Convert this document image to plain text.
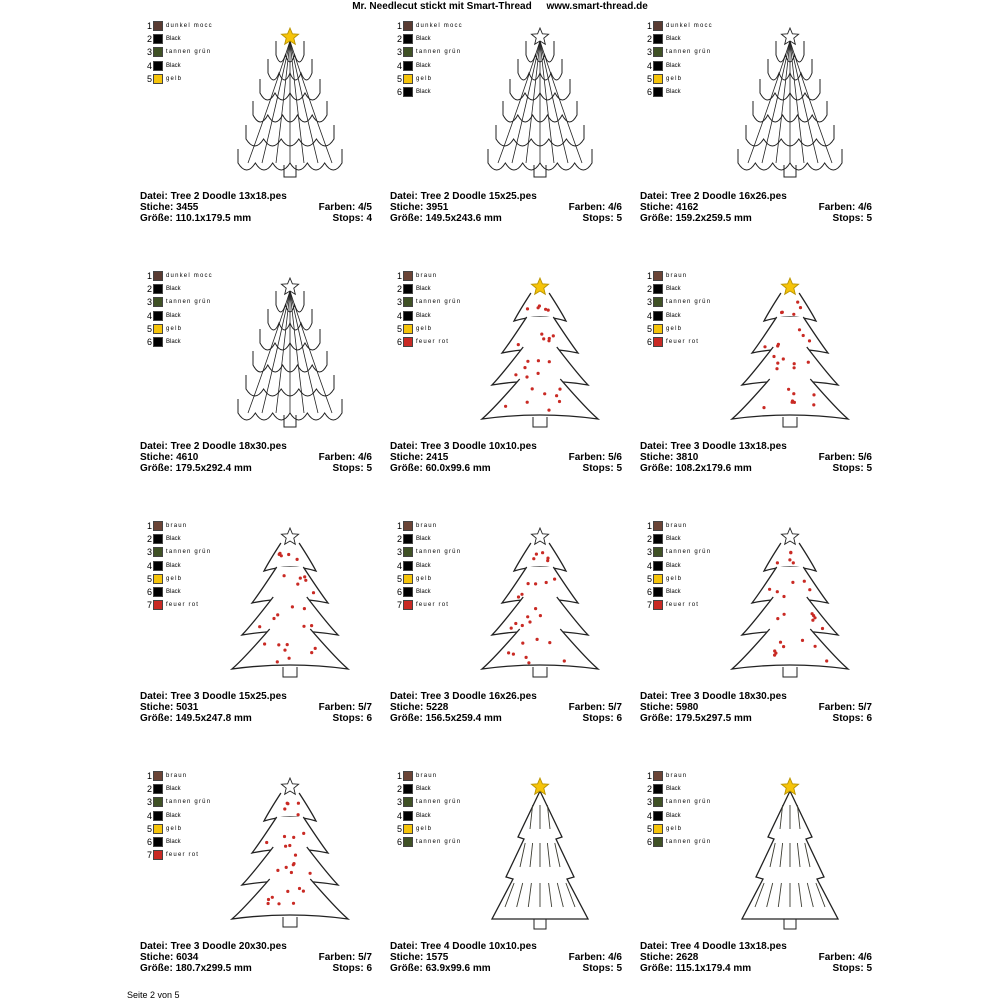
Mr. Needlecut stickt mit Smart-Thread www.smart-thread.de
1 dunkel mocc
2 Black
3 tannen grün
4 Black
5 gelb
Datei: Tree 2 Doodle 13x18.pes
Stiche: 3455	Farben: 4/5
Größe: 110.1x179.5 mm	Stops: 4
1 dunkel mocc
2 Black
3 tannen grün
4 Black
5 gelb
6 Black
Datei: Tree 2 Doodle 15x25.pes
Stiche: 3951	Farben: 4/6
Größe: 149.5x243.6 mm	Stops: 5
1 dunkel mocc
2 Black
3 tannen grün
4 Black
5 gelb
6 Black
Datei: Tree 2 Doodle 16x26.pes
Stiche: 4162	Farben: 4/6
Größe: 159.2x259.5 mm	Stops: 5
1 dunkel mocc
2 Black
3 tannen grün
4 Black
5 gelb
6 Black
Datei: Tree 2 Doodle 18x30.pes
Stiche: 4610	Farben: 4/6
Größe: 179.5x292.4 mm	Stops: 5
1 braun
2 Black
3 tannen grün
4 Black
5 gelb
6 feuer rot
Datei: Tree 3 Doodle 10x10.pes
Stiche: 2415	Farben: 5/6
Größe: 60.0x99.6 mm	Stops: 5
1 braun
2 Black
3 tannen grün
4 Black
5 gelb
6 feuer rot
Datei: Tree 3 Doodle 13x18.pes
Stiche: 3810	Farben: 5/6
Größe: 108.2x179.6 mm	Stops: 5
1 braun
2 Black
3 tannen grün
4 Black
5 gelb
6 Black
7 feuer rot
Datei: Tree 3 Doodle 15x25.pes
Stiche: 5031	Farben: 5/7
Größe: 149.5x247.8 mm	Stops: 6
1 braun
2 Black
3 tannen grün
4 Black
5 gelb
6 Black
7 feuer rot
Datei: Tree 3 Doodle 16x26.pes
Stiche: 5228	Farben: 5/7
Größe: 156.5x259.4 mm	Stops: 6
1 braun
2 Black
3 tannen grün
4 Black
5 gelb
6 Black
7 feuer rot
Datei: Tree 3 Doodle 18x30.pes
Stiche: 5980	Farben: 5/7
Größe: 179.5x297.5 mm	Stops: 6
1 braun
2 Black
3 tannen grün
4 Black
5 gelb
6 Black
7 feuer rot
Datei: Tree 3 Doodle 20x30.pes
Stiche: 6034	Farben: 5/7
Größe: 180.7x299.5 mm	Stops: 6
1 braun
2 Black
3 tannen grün
4 Black
5 gelb
6 tannen grün
Datei: Tree 4 Doodle 10x10.pes
Stiche: 1575	Farben: 4/6
Größe: 63.9x99.6 mm	Stops: 5
1 braun
2 Black
3 tannen grün
4 Black
5 gelb
6 tannen grün
Datei: Tree 4 Doodle 13x18.pes
Stiche: 2628	Farben: 4/6
Größe: 115.1x179.4 mm	Stops: 5
Seite 2 von 5
